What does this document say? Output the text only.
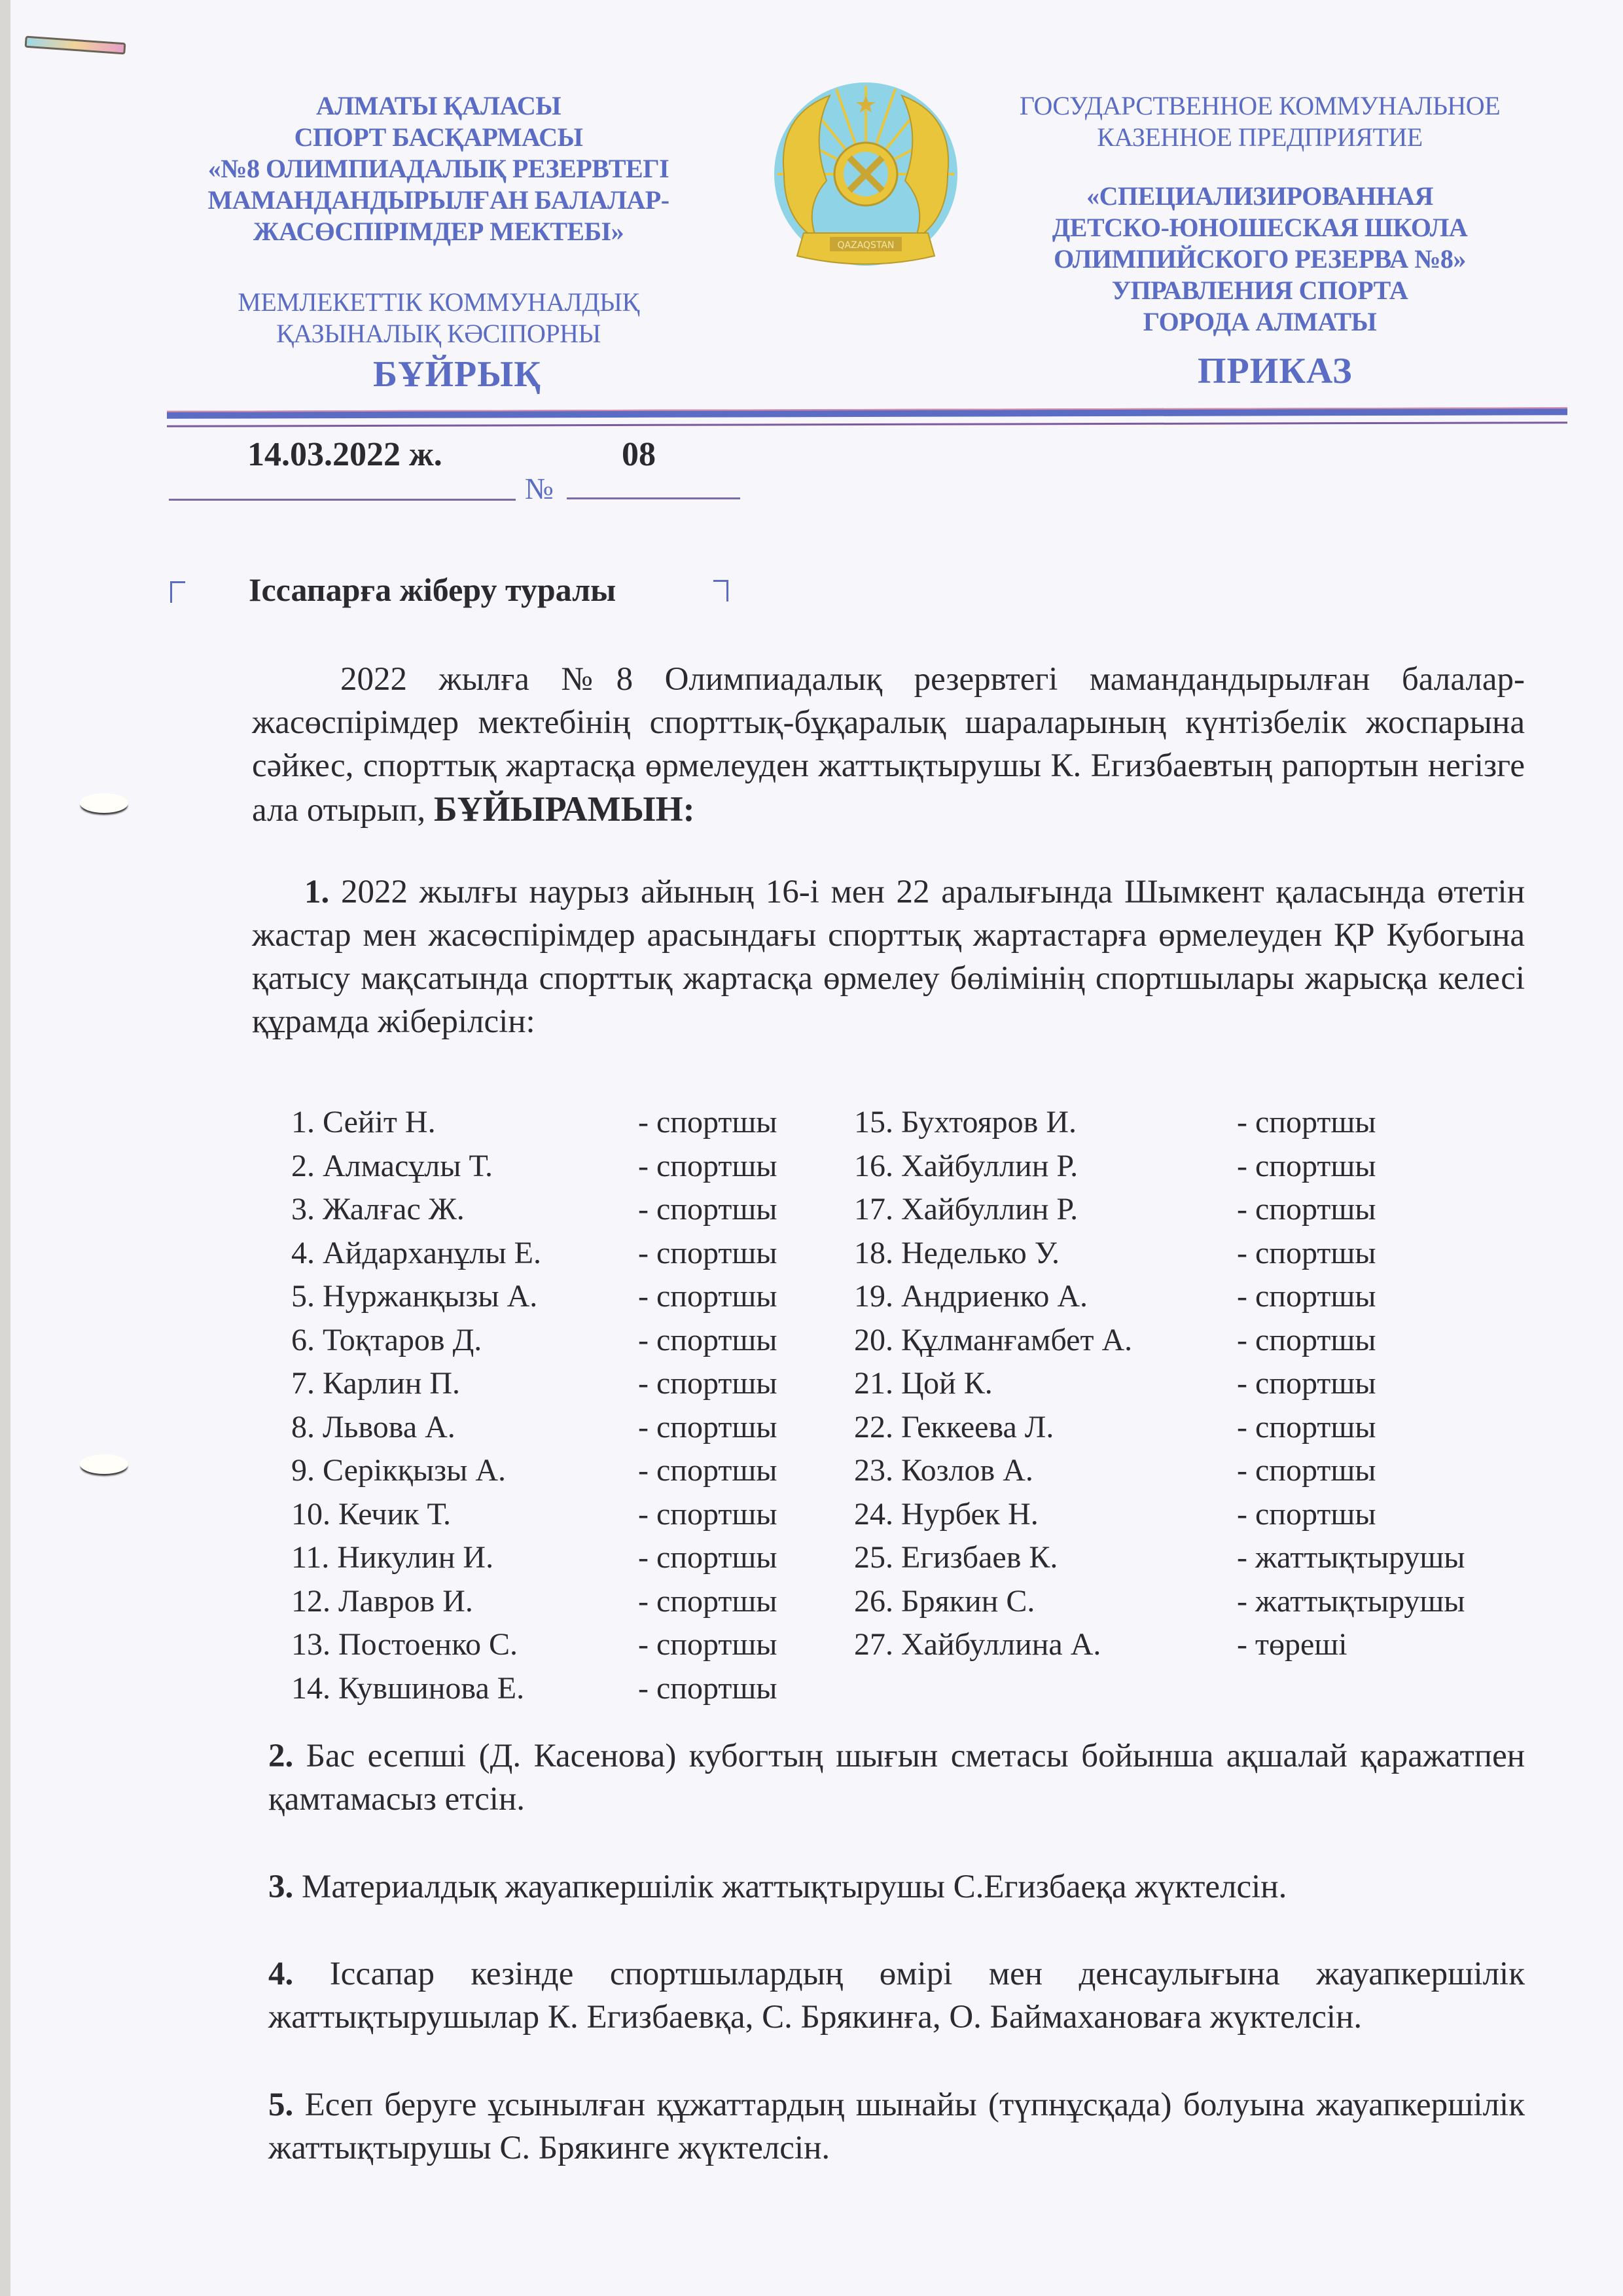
АЛМАТЫ ҚАЛАСЫ
СПОРТ БАСҚАРМАСЫ
«№8 ОЛИМПИАДАЛЫҚ РЕЗЕРВТЕГІ
МАМАНДАНДЫРЫЛҒАН БАЛАЛАР-
ЖАСӨСПІРІМДЕР МЕКТЕБІ»
МЕМЛЕКЕТТІК КОММУНАЛДЫҚ
ҚАЗЫНАЛЫҚ КӘСІПОРНЫ
QAZAQSTAN
ГОСУДАРСТВЕННОЕ КОММУНАЛЬНОЕ
КАЗЕННОЕ ПРЕДПРИЯТИЕ
«СПЕЦИАЛИЗИРОВАННАЯ
ДЕТСКО-ЮНОШЕСКАЯ ШКОЛА
ОЛИМПИЙСКОГО РЕЗЕРВА №8»
УПРАВЛЕНИЯ СПОРТА
ГОРОДА АЛМАТЫ
БҰЙРЫҚ	ПРИКАЗ
14.03.2022 ж.
№
08
Іссапарға жіберу туралы
2022 жылға №8 Олимпиадалық резервтегі мамандандырылған балалар-жасөспірімдер мектебінің спорттық-бұқаралық шараларының күнтізбелік жоспарына сәйкес, спорттық жартасқа өрмелеуден жаттықтырушы К. Егизбаевтың рапортын негізге ала отырып, БҰЙЫРАМЫН:
1. 2022 жылғы наурыз айының 16-і мен 22 аралығында Шымкент қаласында өтетін жастар мен жасөспірімдер арасындағы спорттық жартастарға өрмелеуден ҚР Кубогына қатысу мақсатында спорттық жартасқа өрмелеу бөлімінің спортшылары жарысқа келесі құрамда жіберілсін:
1. Сейіт Н.	- спортшы
2. Алмасұлы Т.	- спортшы
3. Жалғас Ж.	- спортшы
4. Айдарханұлы Е.	- спортшы
5. Нуржанқызы А.	- спортшы
6. Тоқтаров Д.	- спортшы
7. Карлин П.	- спортшы
8. Львова А.	- спортшы
9. Серікқызы А.	- спортшы
10. Кечик Т.	- спортшы
11. Никулин И.	- спортшы
12. Лавров И.	- спортшы
13. Постоенко С.	- спортшы
14. Кувшинова Е.	- спортшы
15. Бухтояров И.	- спортшы
16. Хайбуллин Р.	- спортшы
17. Хайбуллин Р.	- спортшы
18. Неделько У.	- спортшы
19. Андриенко А.	- спортшы
20. Құлманғамбет А.	- спортшы
21. Цой К.	- спортшы
22. Геккеева Л.	- спортшы
23. Козлов А.	- спортшы
24. Нурбек Н.	- спортшы
25. Егизбаев К.	- жаттықтырушы
26. Брякин С.	- жаттықтырушы
27. Хайбуллина А.	- төреші
2. Бас есепші (Д. Касенова) кубогтың шығын сметасы бойынша ақшалай қаражатпен қамтамасыз етсін.
3. Материалдық жауапкершілік жаттықтырушы С.Егизбаеқа жүктелсін.
4. Іссапар кезінде спортшылардың өмірі мен денсаулығына жауапкершілік жаттықтырушылар К. Егизбаевқа, С. Брякинға, О. Баймахановаға жүктелсін.
5. Есеп беруге ұсынылған құжаттардың шынайы (түпнұсқада) болуына жауапкершілік жаттықтырушы С. Брякинге жүктелсін.
